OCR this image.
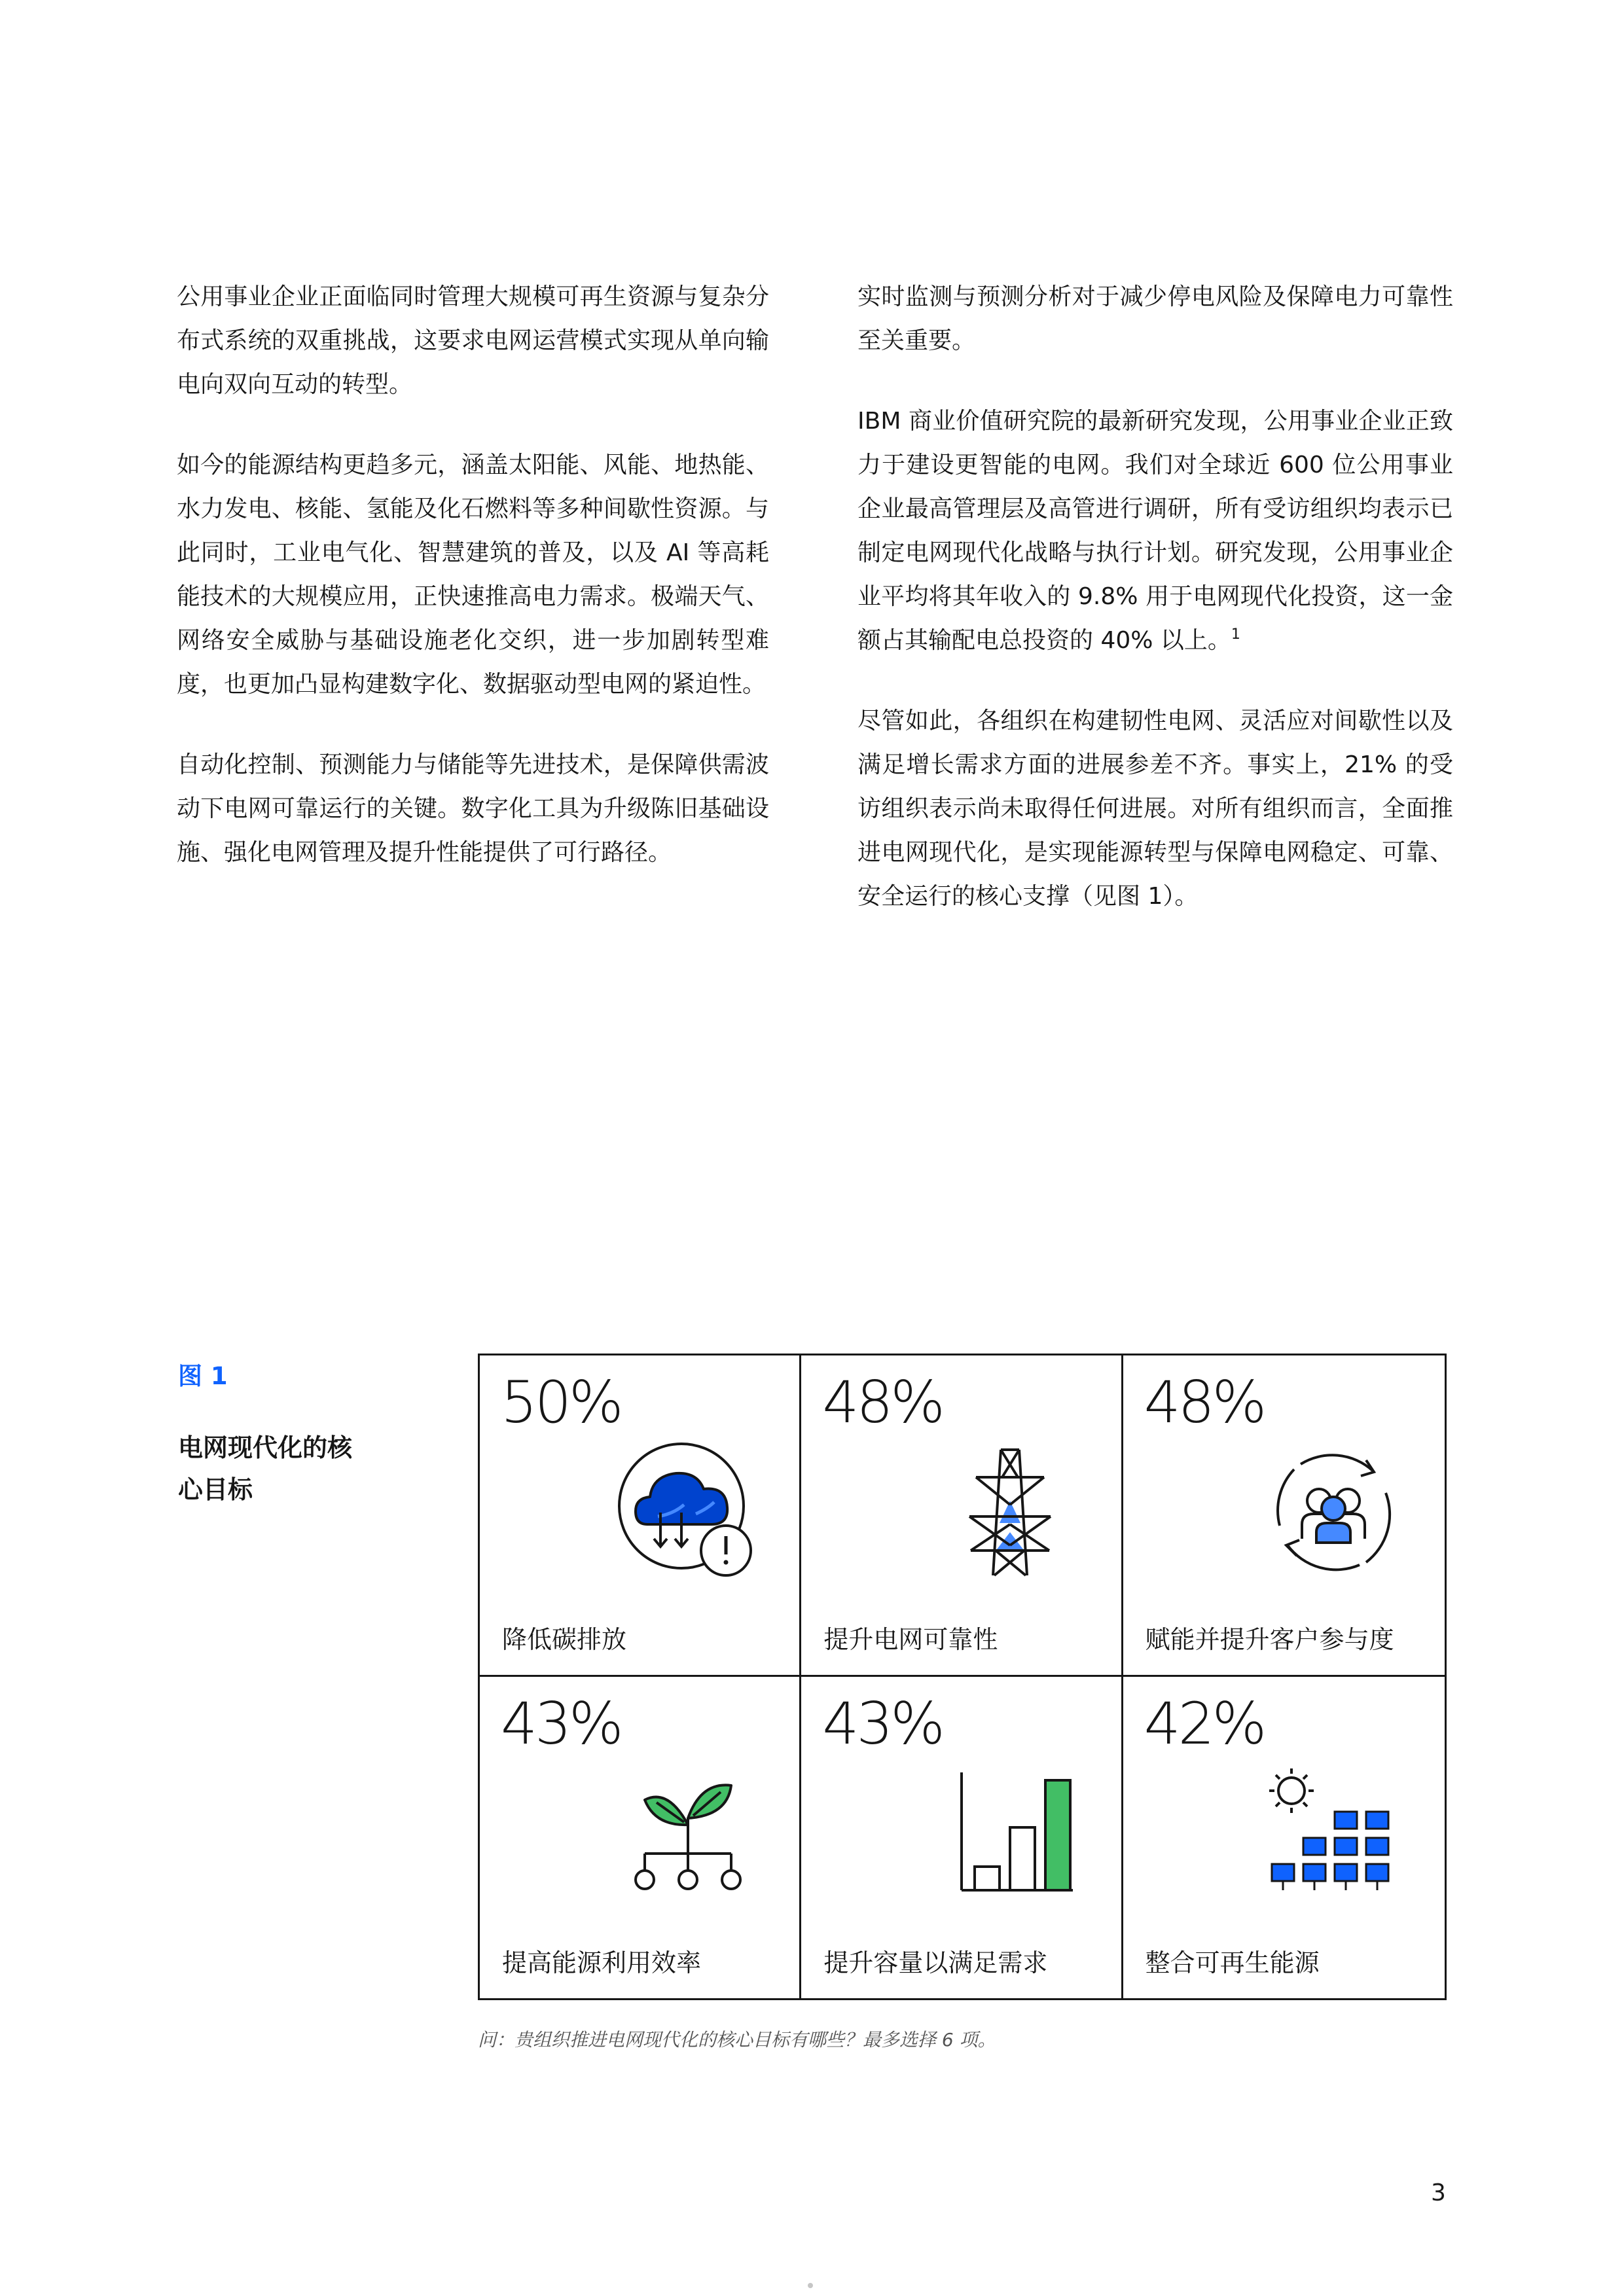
公用事业企业正面临同时管理大规模可再生资源与复杂分布式系统的双重挑战，这要求电网运营模式实现从单向输电向双向互动的转型。

如今的能源结构更趋多元，涵盖太阳能、风能、地热能、水力发电、核能、氢能及化石燃料等多种间歇性资源。与此同时，工业电气化、智慧建筑的普及，以及 AI 等高耗能技术的大规模应用，正快速推高电力需求。极端天气、网络安全威胁与基础设施老化交织，进一步加剧转型难度，也更加凸显构建数字化、数据驱动型电网的紧迫性。

自动化控制、预测能力与储能等先进技术，是保障供需波动下电网可靠运行的关键。数字化工具为升级陈旧基础设施、强化电网管理及提升性能提供了可行路径。

实时监测与预测分析对于减少停电风险及保障电力可靠性至关重要。

IBM 商业价值研究院的最新研究发现，公用事业企业正致力于建设更智能的电网。我们对全球近 600 位公用事业企业最高管理层及高管进行调研，所有受访组织均表示已制定电网现代化战略与执行计划。研究发现，公用事业企业平均将其年收入的 9.8% 用于电网现代化投资，这一金额占其输配电总投资的 40% 以上。$^1$

尽管如此，各组织在构建韧性电网、灵活应对间歇性以及满足增长需求方面的进展参差不齐。事实上，21% 的受访组织表示尚未取得任何进展。对所有组织而言，全面推进电网现代化，是实现能源转型与保障电网稳定、可靠、安全运行的核心支撑（见图 1）。

图 1
电网现代化的核心目标
50%
降低碳排放
48%
提升电网可靠性
48%
赋能并提升客户参与度
43%
提高能源利用效率
43%
提升容量以满足需求
42%
整合可再生能源
问：贵组织推进电网现代化的核心目标有哪些？最多选择 6 项。
3
